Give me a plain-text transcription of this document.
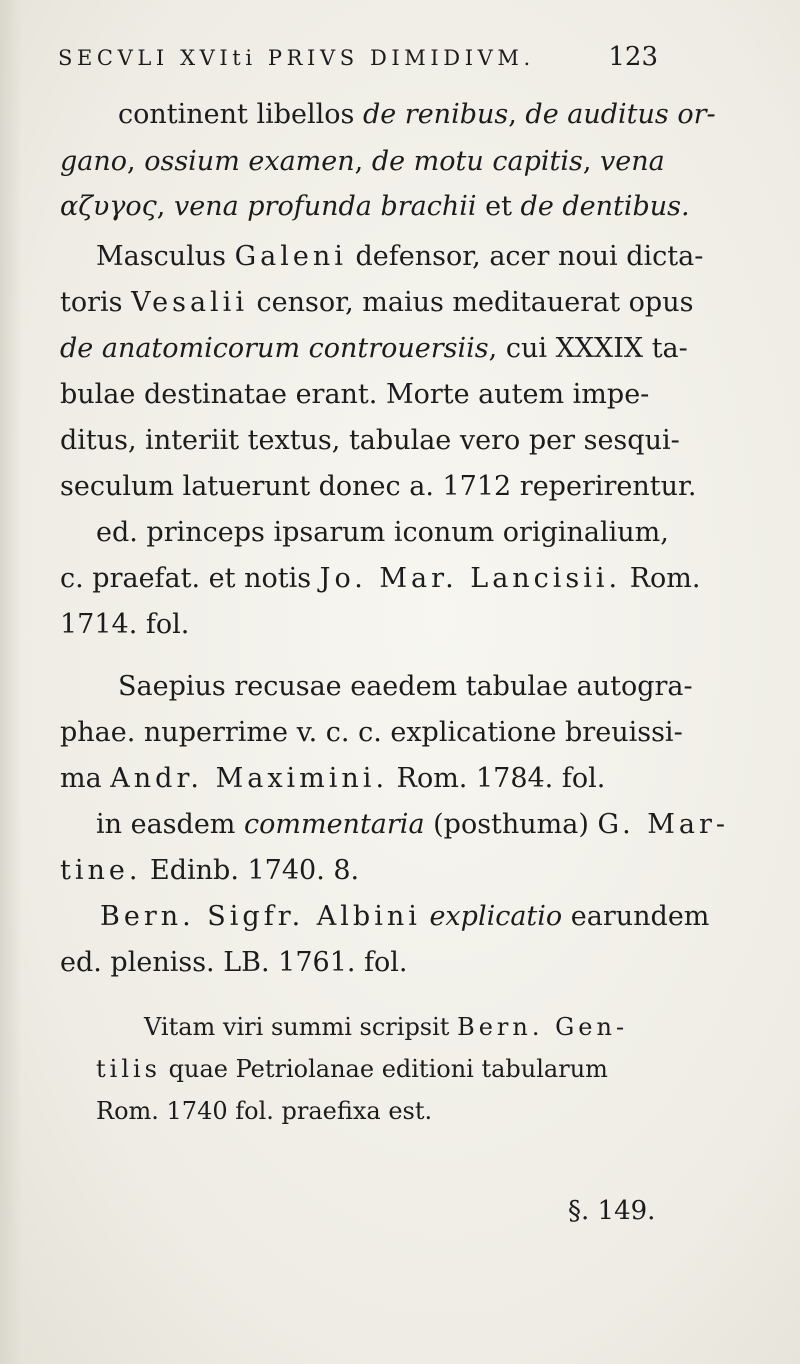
SECVLI XVIti PRIVS DIMIDIVM.	123
continent libellos de renibus, de auditus or-
gano, ossium examen, de motu capitis, vena
αζυγος, vena profunda brachii et de dentibus.
Masculus Galeni defensor, acer noui dicta-
toris Vesalii censor, maius meditauerat opus
de anatomicorum controuersiis, cui XXXIX ta-
bulae destinatae erant. Morte autem impe-
ditus, interiit textus, tabulae vero per sesqui-
seculum latuerunt donec a. 1712 reperirentur.
ed. princeps ipsarum iconum originalium,
c. praefat. et notis Jo. Mar. Lancisii. Rom.
1714. fol.
Saepius recusae eaedem tabulae autogra-
phae. nuperrime v. c. c. explicatione breuissi-
ma Andr. Maximini. Rom. 1784. fol.
in easdem commentaria (posthuma) G. Mar-
tine. Edinb. 1740. 8.
Bern. Sigfr. Albini explicatio earundem
ed. pleniss. LB. 1761. fol.
Vitam viri summi scripsit Bern. Gen-
tilis quae Petriolanae editioni tabularum
Rom. 1740 fol. praefixa est.
§. 149.
